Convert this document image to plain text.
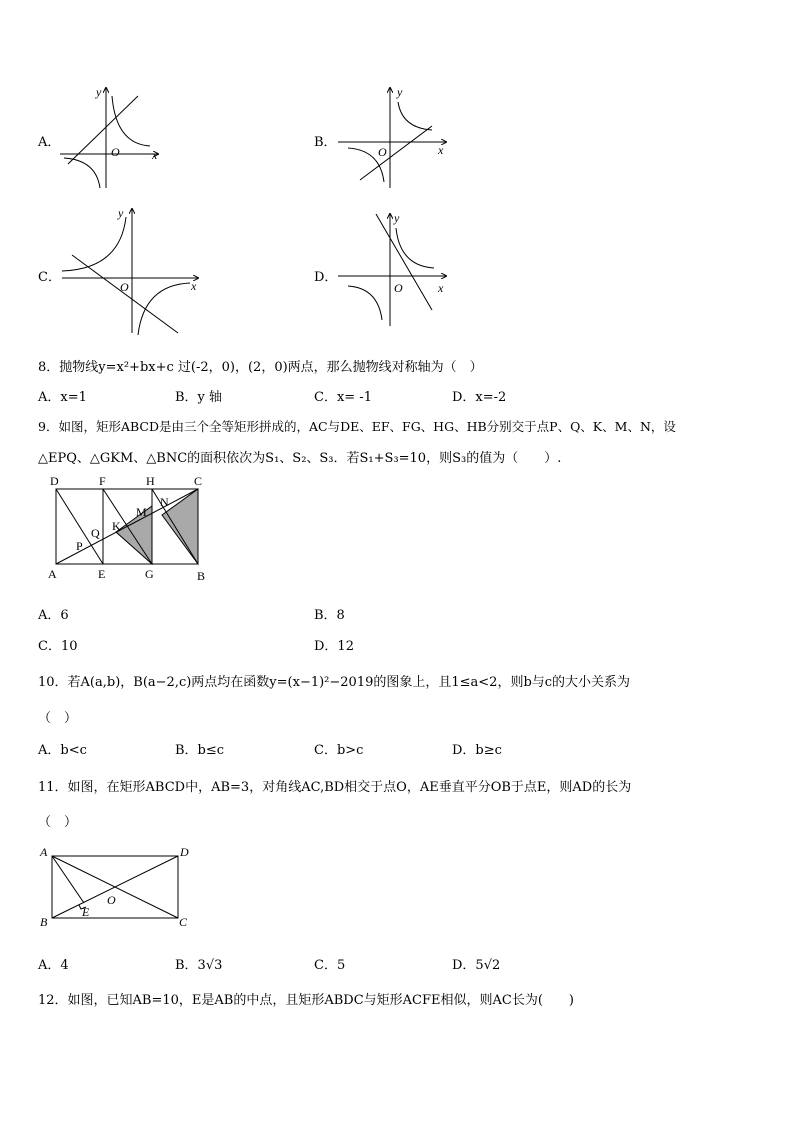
A．
y
x
O
B．
y
x
O
C．
y
x
O
D．
y
x
O
8．抛物线y=x²+bx+c 过(-2，0)，(2，0)两点，那么抛物线对称轴为（　）
A．x=1	B．y 轴	C．x= -1	D．x=-2
9．如图，矩形ABCD是由三个全等矩形拼成的，AC与DE、EF、FG、HG、HB分别交于点P、Q、K、M、N，设
△EPQ、△GKM、△BNC的面积依次为S₁、S₂、S₃．若S₁+S₃=10，则S₃的值为（　　）.
D	F	H	C
A	E	G	B
P
Q K
M
N
A．6	B．8
C．10	D．12
10．若A(a,b)，B(a−2,c)两点均在函数y=(x−1)²−2019的图象上，且1≤a<2，则b与c的大小关系为
（　）
A．b<c	B．b≤c	C．b>c	D．b≥c
11．如图，在矩形ABCD中，AB=3，对角线AC,BD相交于点O，AE垂直平分OB于点E，则AD的长为
（　）
A	D
B	C
E
O
A．4	B．3√3	C．5	D．5√2
12．如图，已知AB=10，E是AB的中点，且矩形ABDC与矩形ACFE相似，则AC长为(　　)
